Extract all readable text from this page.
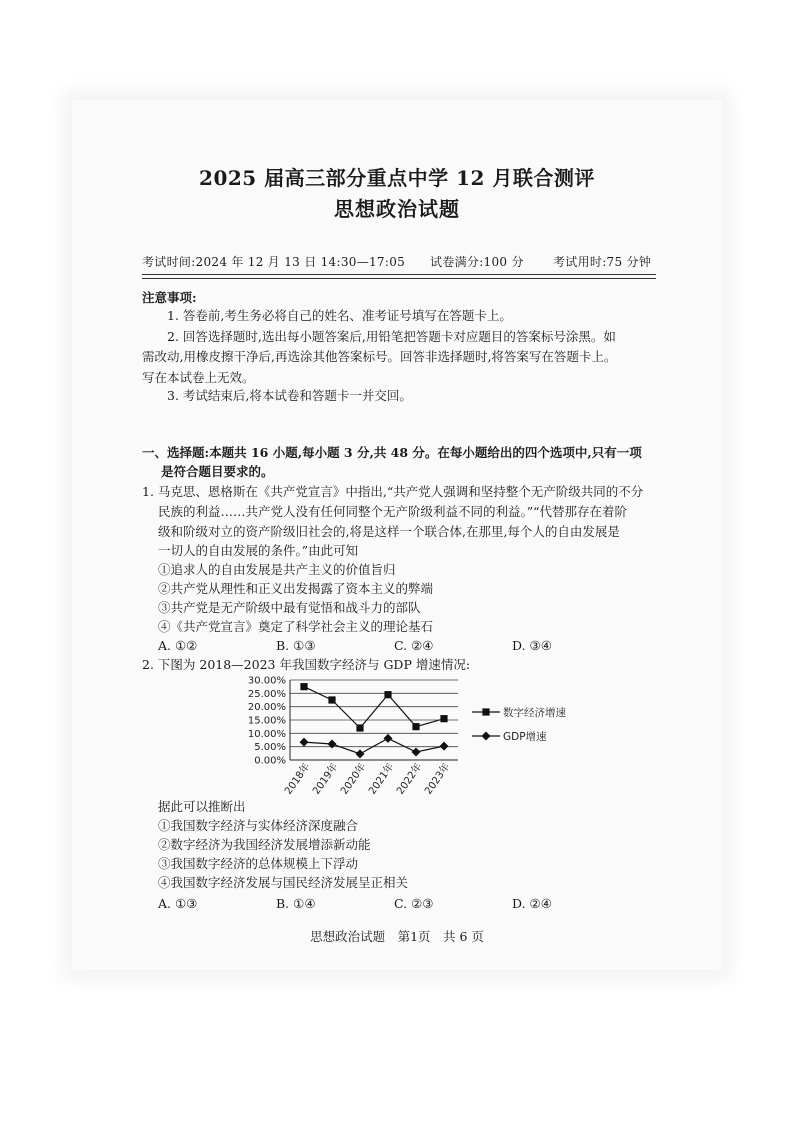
2025 届高三部分重点中学 12 月联合测评
思想政治试题
考试时间:2024 年 12 月 13 日 14:30—17:05 试卷满分:100 分 考试用时:75 分钟
注意事项:
1. 答卷前,考生务必将自己的姓名、准考证号填写在答题卡上。
2. 回答选择题时,选出每小题答案后,用铅笔把答题卡对应题目的答案标号涂黑。如
需改动,用橡皮擦干净后,再选涂其他答案标号。回答非选择题时,将答案写在答题卡上。
写在本试卷上无效。
3. 考试结束后,将本试卷和答题卡一并交回。
一、选择题:本题共 16 小题,每小题 3 分,共 48 分。在每小题给出的四个选项中,只有一项
是符合题目要求的。
1. 马克思、恩格斯在《共产党宣言》中指出,“共产党人强调和坚持整个无产阶级共同的不分
民族的利益……共产党人没有任何同整个无产阶级利益不同的利益。”“代替那存在着阶
级和阶级对立的资产阶级旧社会的,将是这样一个联合体,在那里,每个人的自由发展是
一切人的自由发展的条件。”由此可知
①追求人的自由发展是共产主义的价值旨归
②共产党从理性和正义出发揭露了资本主义的弊端
③共产党是无产阶级中最有觉悟和战斗力的部队
④《共产党宣言》奠定了科学社会主义的理论基石
A. ①②	B. ①③	C. ②④	D. ③④
2. 下图为 2018—2023 年我国数字经济与 GDP 增速情况:
30.00%
25.00%
20.00%
15.00%
10.00%
5.00%
0.00%
2018年
2019年
2020年
2021年
2022年
2023年
数字经济增速
GDP增速
据此可以推断出
①我国数字经济与实体经济深度融合
②数字经济为我国经济发展增添新动能
③我国数字经济的总体规模上下浮动
④我国数字经济发展与国民经济发展呈正相关
A. ①③	B. ①④	C. ②③	D. ②④
思想政治试题　第1页　共 6 页
